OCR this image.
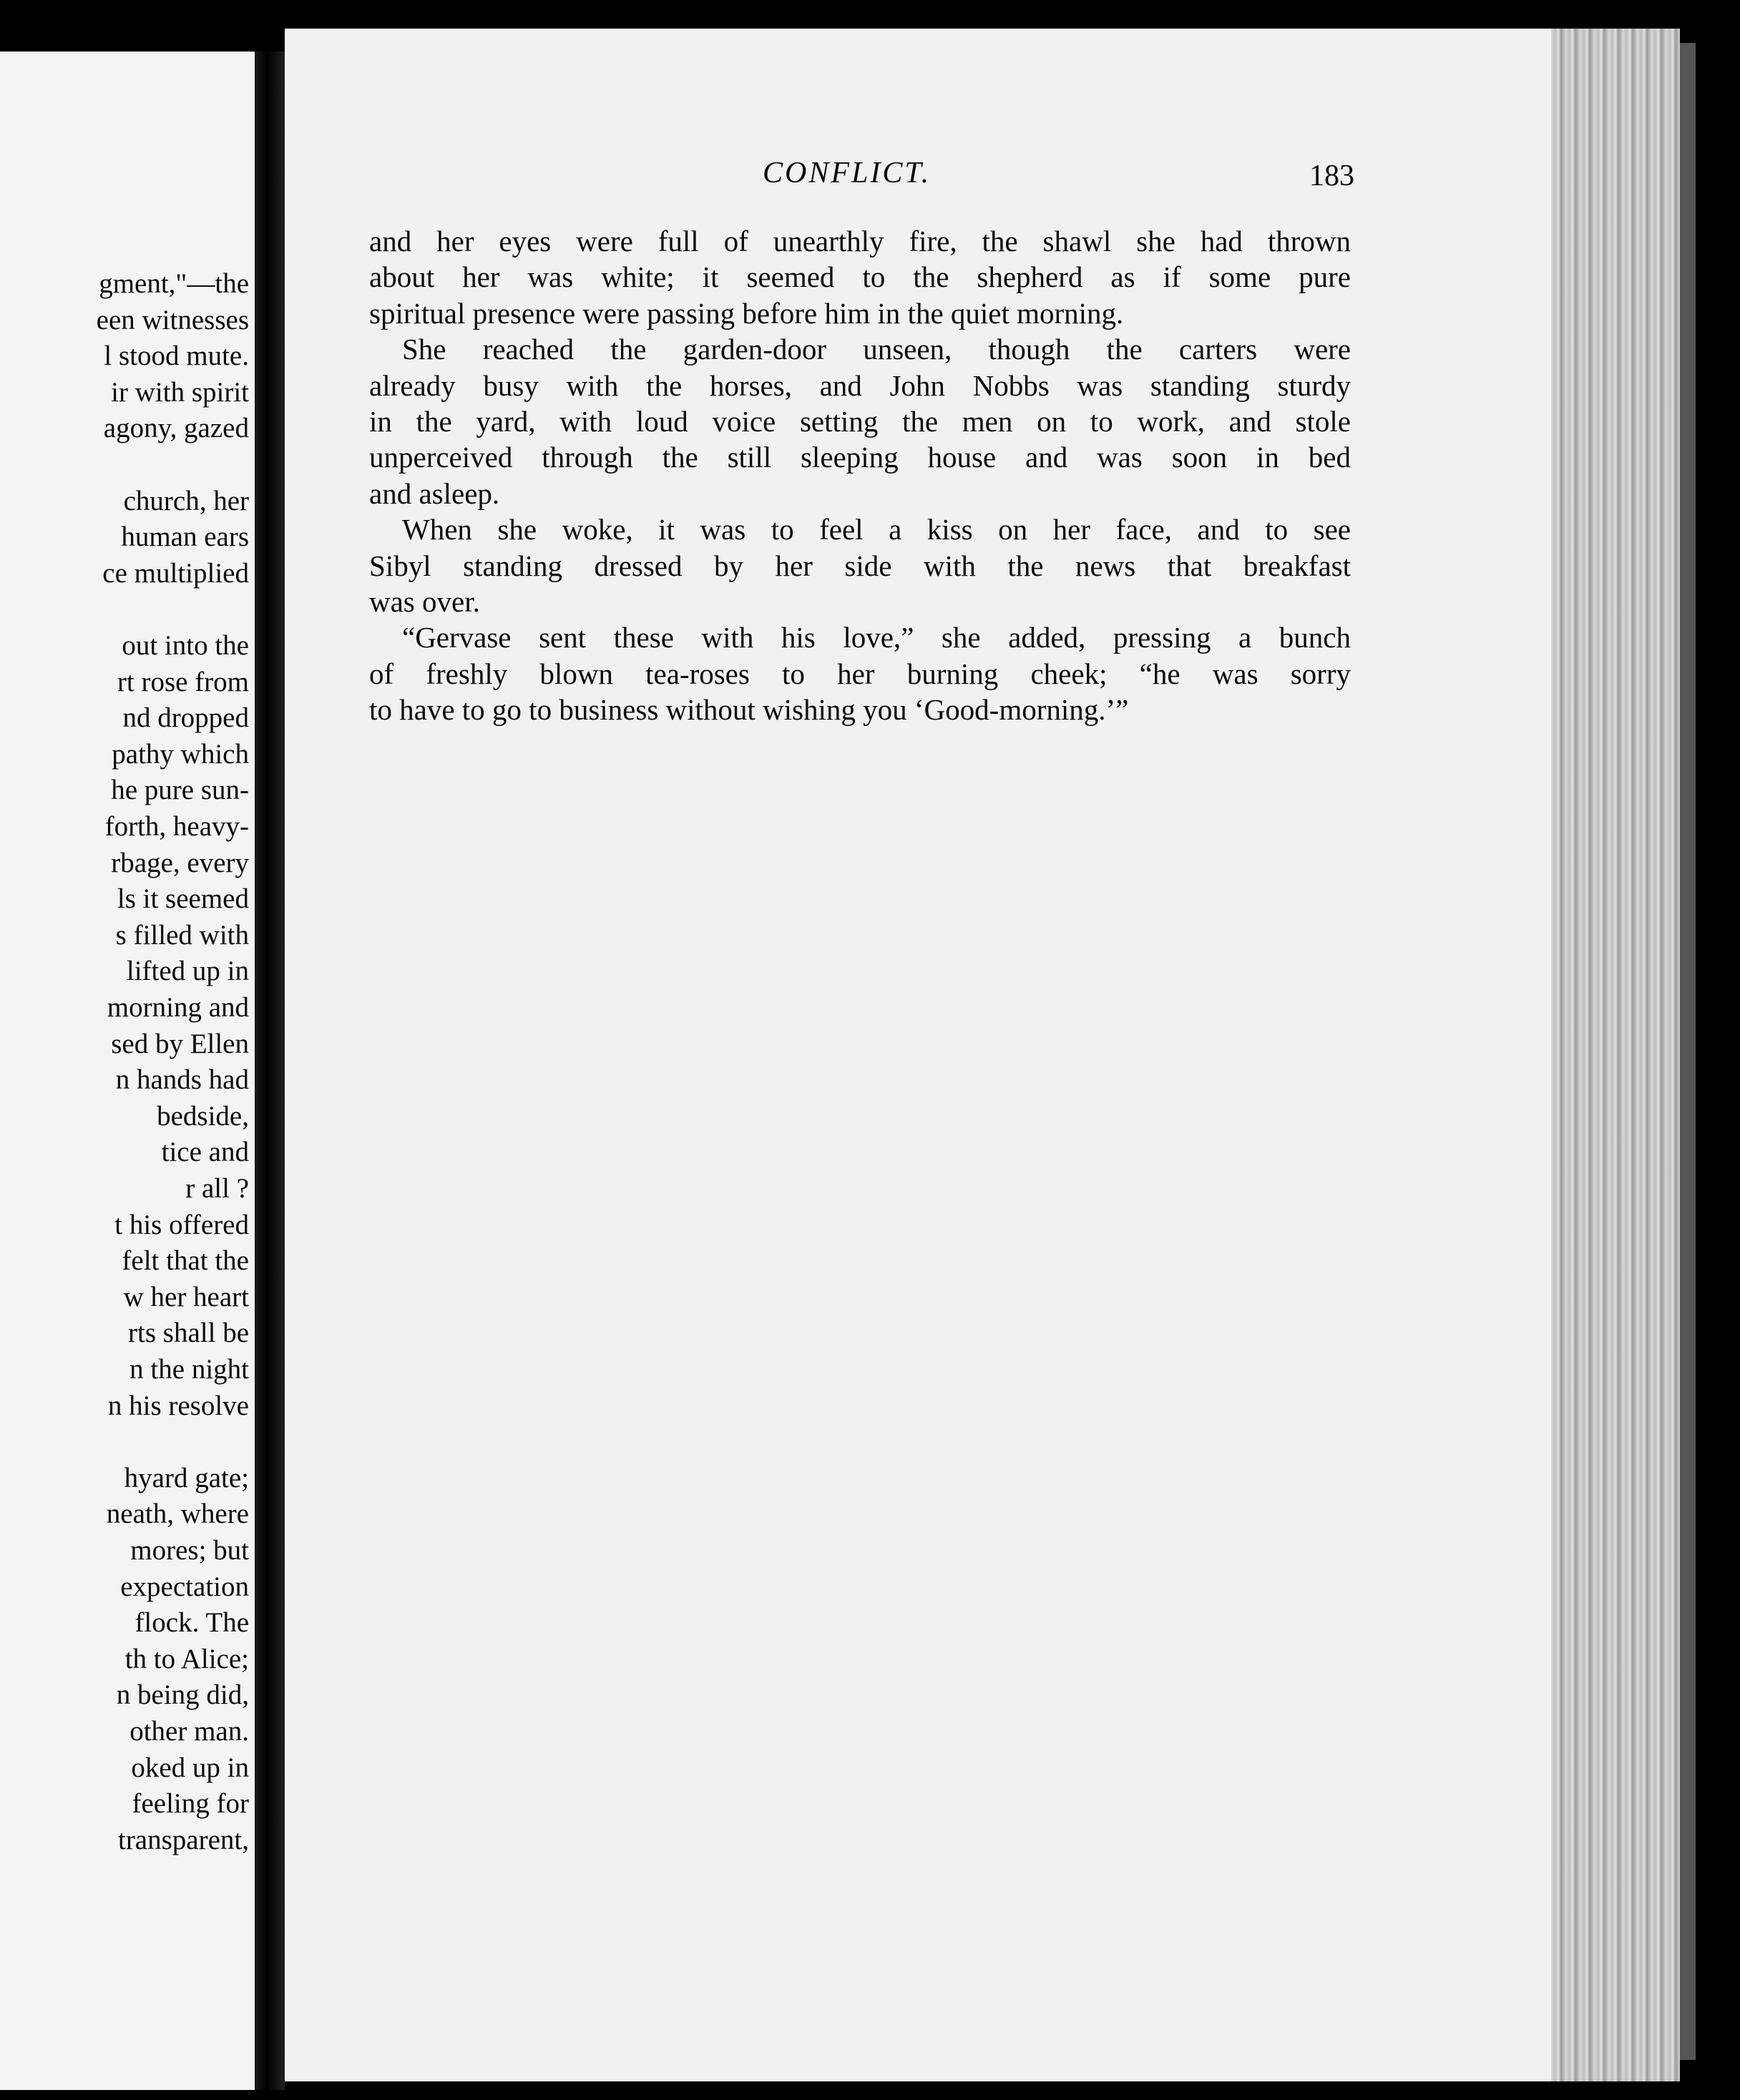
gment,"—the
een witnesses
l stood mute.
ir with spirit
agony, gazed
church, her
human ears
ce multiplied
out into the
rt rose from
nd dropped
pathy which
he pure sun-
forth, heavy-
rbage, every
ls it seemed
s filled with
lifted up in
morning and
sed by Ellen
n hands had
bedside,
tice and
r all ?
t his offered
felt that the
w her heart
rts shall be
n the night
n his resolve
hyard gate;
neath, where
mores; but
expectation
flock. The
th to Alice;
n being did,
other man.
oked up in
feeling for
transparent,
CONFLICT.	183
and her eyes were full of unearthly fire, the shawl she had thrown
about her was white; it seemed to the shepherd as if some pure
spiritual presence were passing before him in the quiet morning.
She reached the garden-door unseen, though the carters were
already busy with the horses, and John Nobbs was standing sturdy
in the yard, with loud voice setting the men on to work, and stole
unperceived through the still sleeping house and was soon in bed
and asleep.
When she woke, it was to feel a kiss on her face, and to see
Sibyl standing dressed by her side with the news that breakfast
was over.
“Gervase sent these with his love,” she added, pressing a bunch
of freshly blown tea-roses to her burning cheek; “he was sorry
to have to go to business without wishing you ‘Good-morning.’”
